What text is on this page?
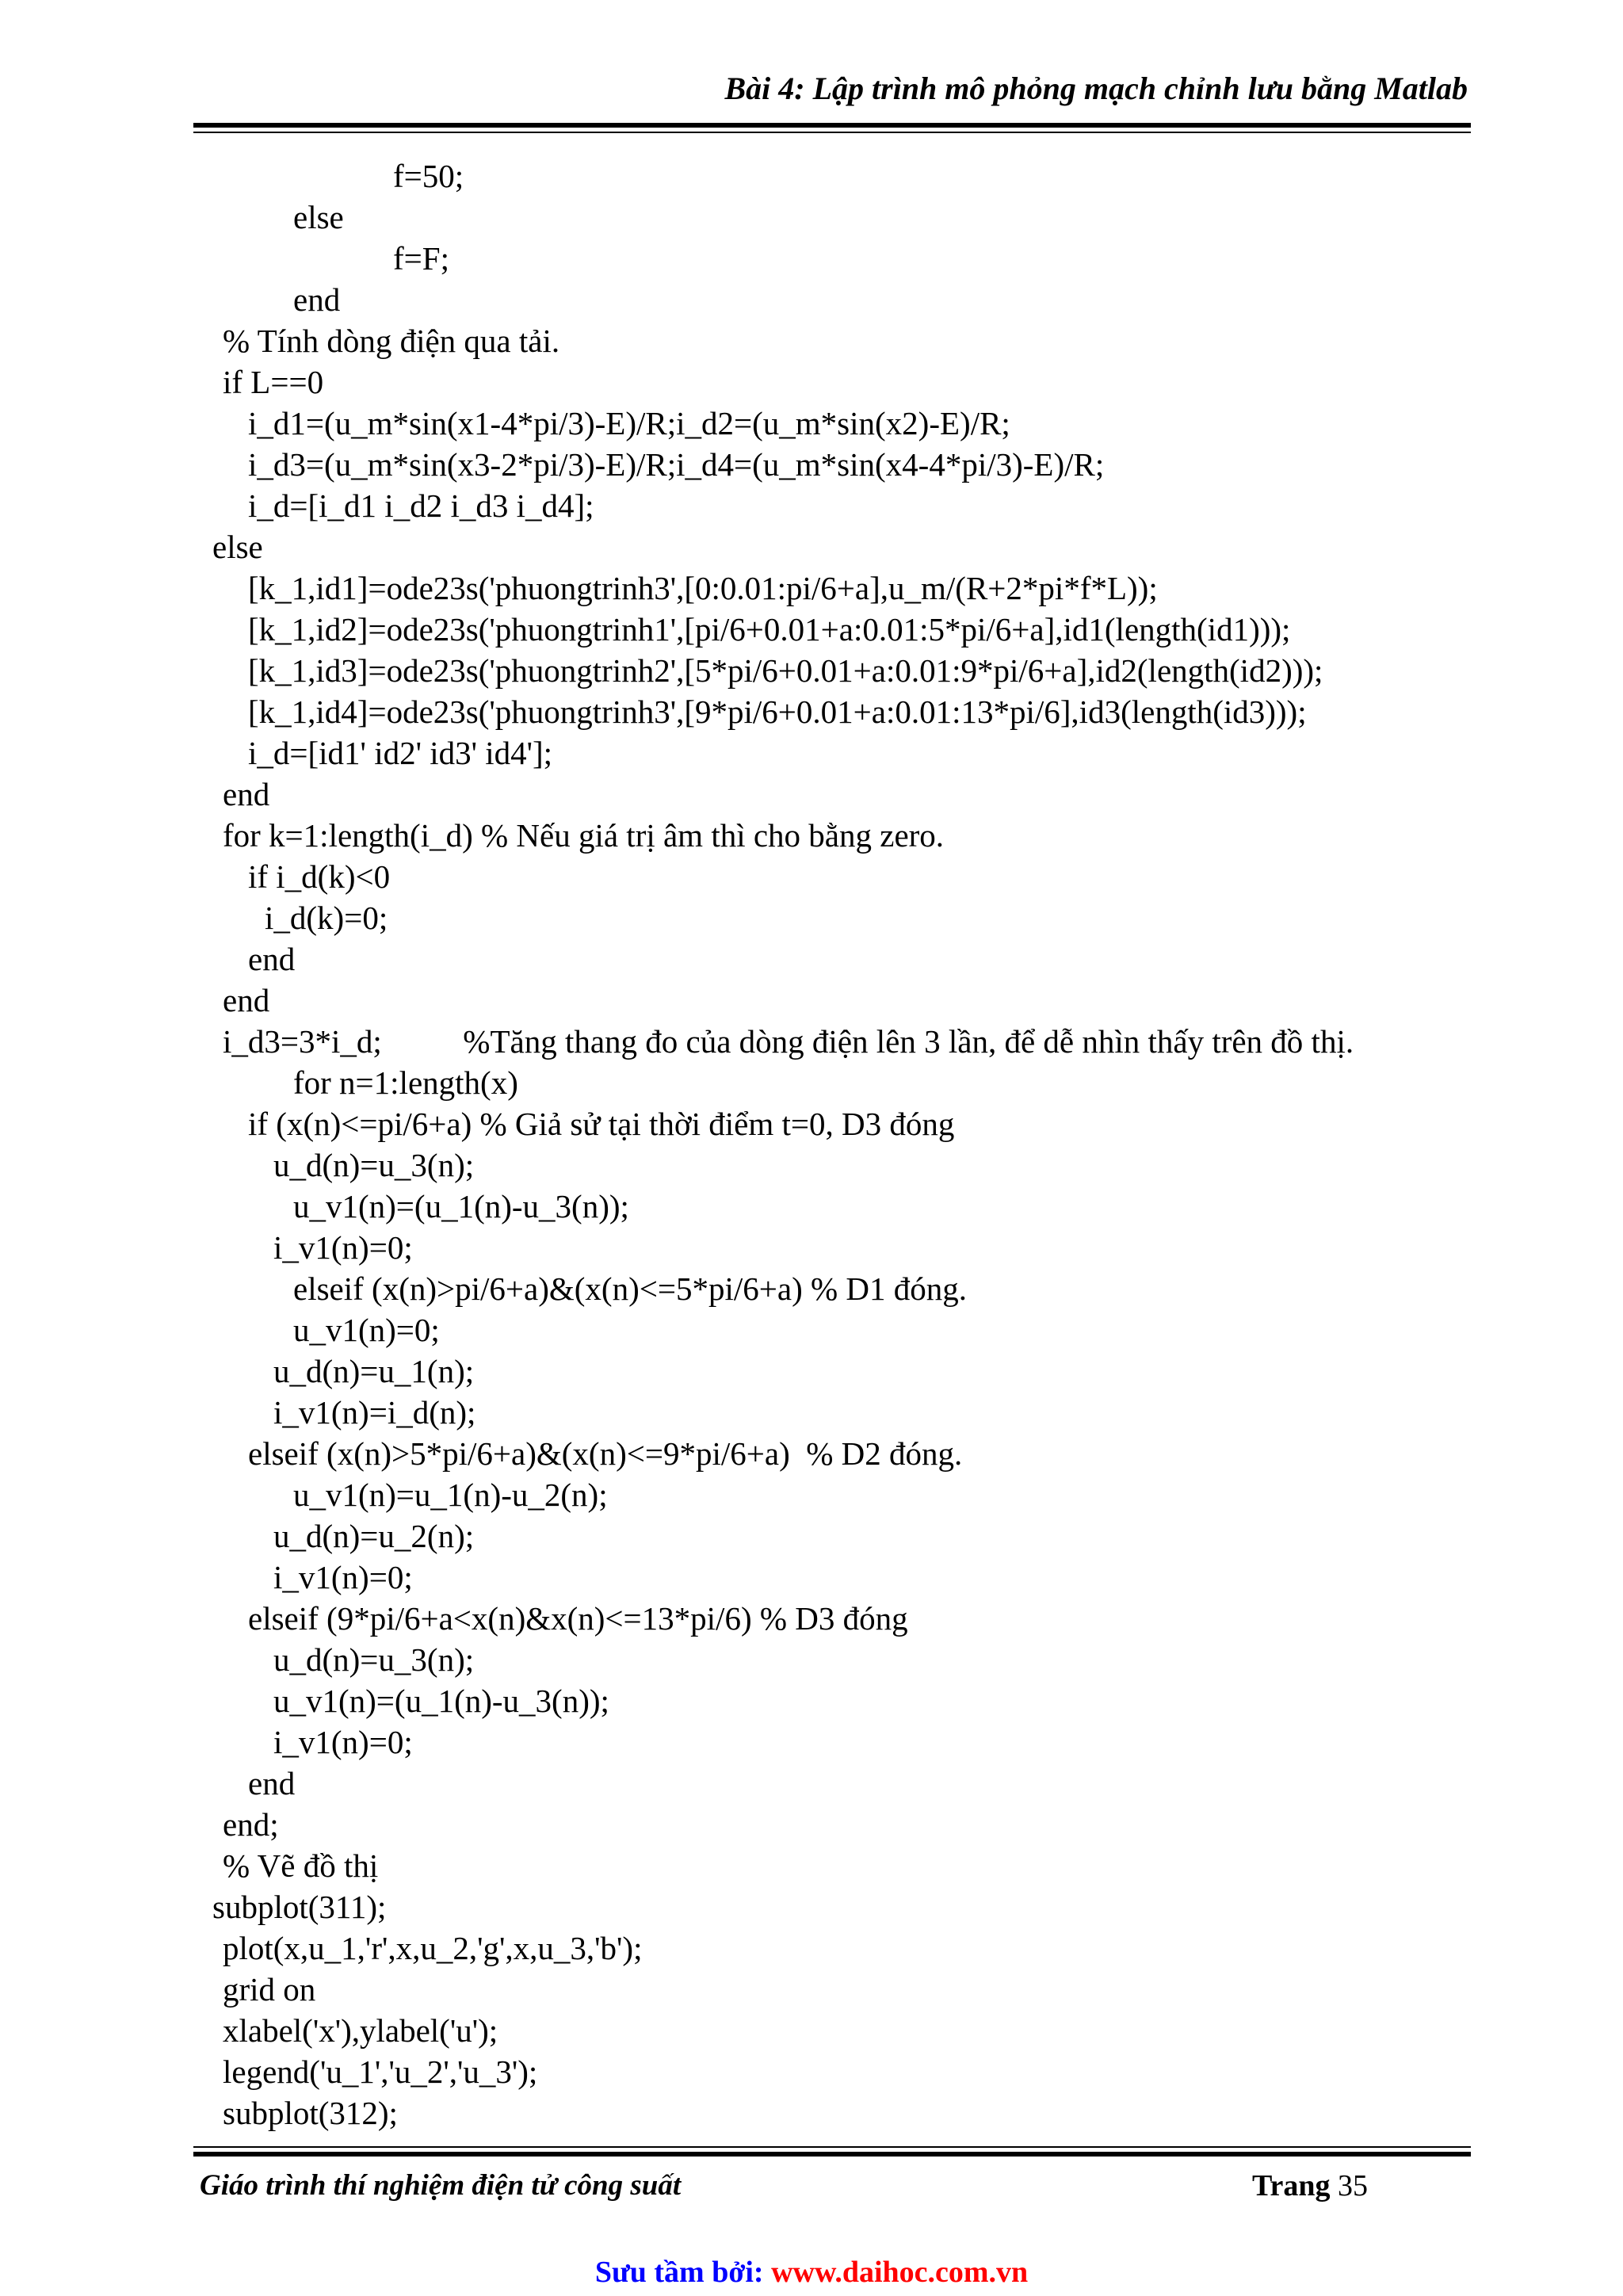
Bài 4: Lập trình mô phỏng mạch chỉnh lưu bằng Matlab
f=50;
else
f=F;
end
% Tính dòng điện qua tải.
if L==0
i_d1=(u_m*sin(x1-4*pi/3)-E)/R;i_d2=(u_m*sin(x2)-E)/R;
i_d3=(u_m*sin(x3-2*pi/3)-E)/R;i_d4=(u_m*sin(x4-4*pi/3)-E)/R;
i_d=[i_d1 i_d2 i_d3 i_d4];
else
[k_1,id1]=ode23s('phuongtrinh3',[0:0.01:pi/6+a],u_m/(R+2*pi*f*L));
[k_1,id2]=ode23s('phuongtrinh1',[pi/6+0.01+a:0.01:5*pi/6+a],id1(length(id1)));
[k_1,id3]=ode23s('phuongtrinh2',[5*pi/6+0.01+a:0.01:9*pi/6+a],id2(length(id2)));
[k_1,id4]=ode23s('phuongtrinh3',[9*pi/6+0.01+a:0.01:13*pi/6],id3(length(id3)));
i_d=[id1' id2' id3' id4'];
end
for k=1:length(i_d) % Nếu giá trị âm thì cho bằng zero.
if i_d(k)<0
i_d(k)=0;
end
end
i_d3=3*i_d;          %Tăng thang đo của dòng điện lên 3 lần, để dễ nhìn thấy trên đồ thị.
for n=1:length(x)
if (x(n)<=pi/6+a) % Giả sử tại thời điểm t=0, D3 đóng
u_d(n)=u_3(n);
u_v1(n)=(u_1(n)-u_3(n));
i_v1(n)=0;
elseif (x(n)>pi/6+a)&(x(n)<=5*pi/6+a) % D1 đóng.
u_v1(n)=0;
u_d(n)=u_1(n);
i_v1(n)=i_d(n);
elseif (x(n)>5*pi/6+a)&(x(n)<=9*pi/6+a)  % D2 đóng.
u_v1(n)=u_1(n)-u_2(n);
u_d(n)=u_2(n);
i_v1(n)=0;
elseif (9*pi/6+a<x(n)&x(n)<=13*pi/6) % D3 đóng
u_d(n)=u_3(n);
u_v1(n)=(u_1(n)-u_3(n));
i_v1(n)=0;
end
end;
% Vẽ đồ thị
subplot(311);
plot(x,u_1,'r',x,u_2,'g',x,u_3,'b');
grid on
xlabel('x'),ylabel('u');
legend('u_1','u_2','u_3');
subplot(312);
Giáo trình thí nghiệm điện tử công suất	Trang 35
Sưu tầm bởi: www.daihoc.com.vn
